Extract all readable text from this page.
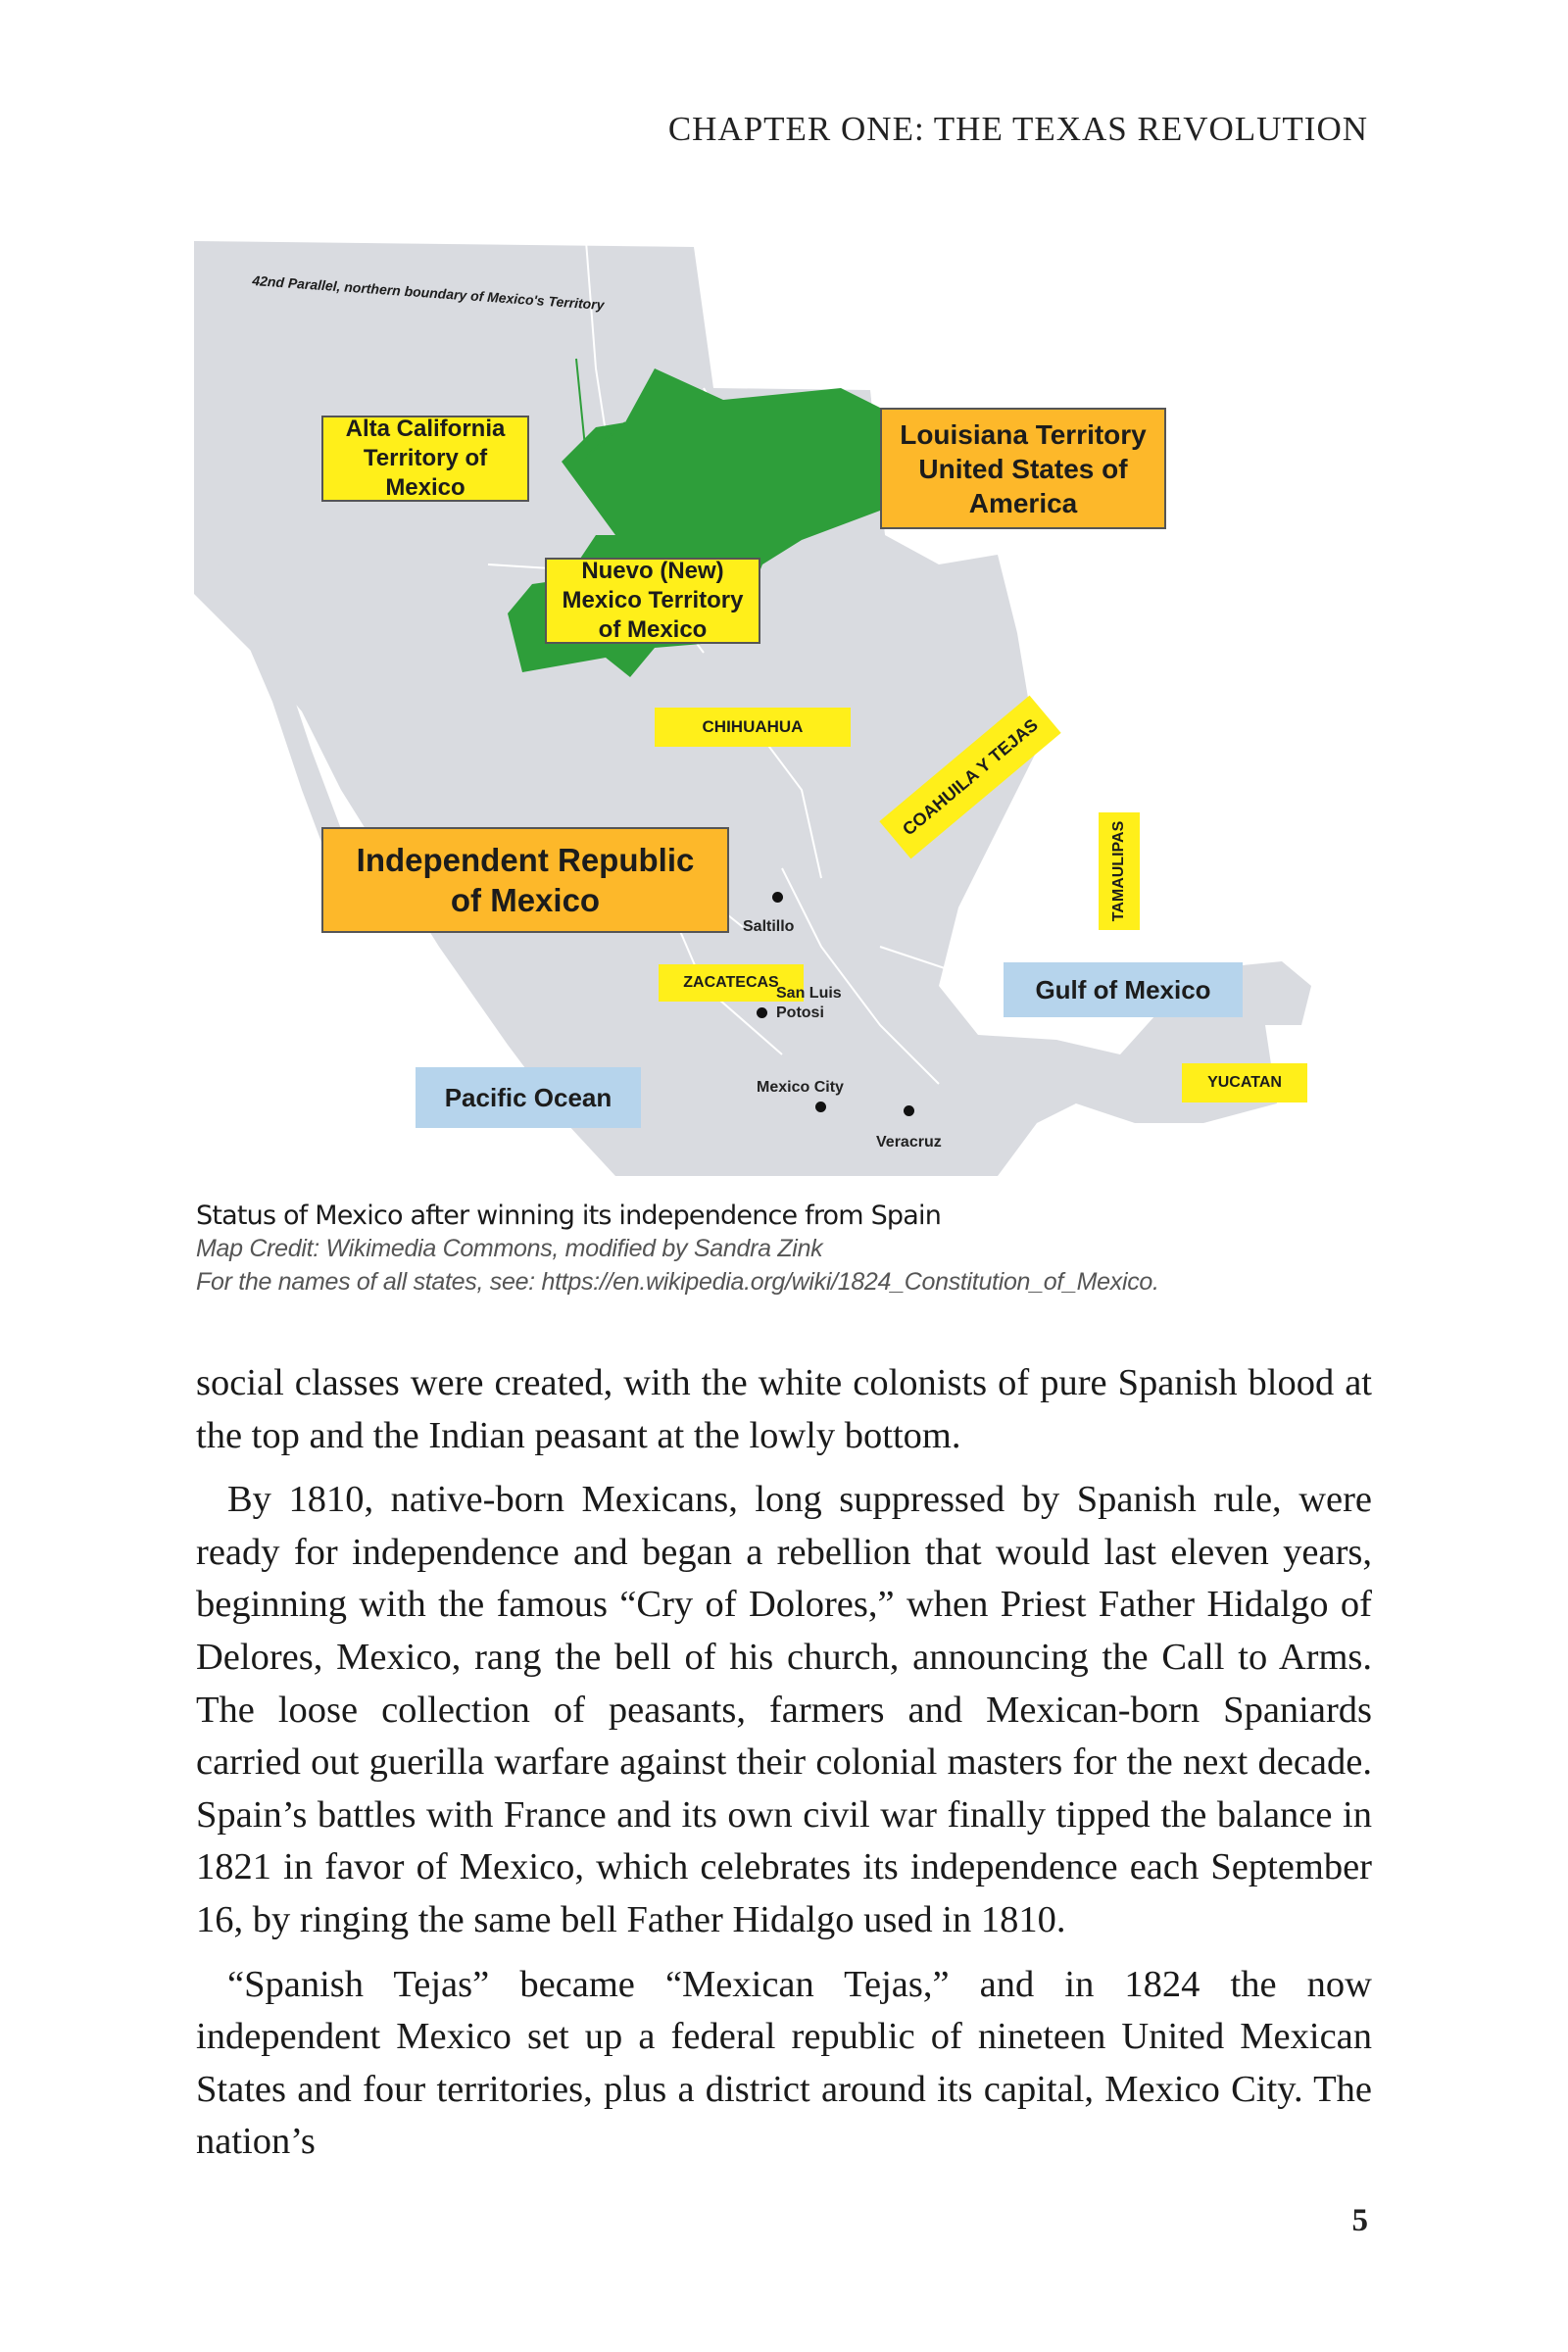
CHAPTER ONE: THE TEXAS REVOLUTION
42nd Parallel, northern boundary of Mexico's Territory
Alta California Territory of Mexico
Louisiana Territory United States of America
Nuevo (New) Mexico Territory of Mexico
CHIHUAHUA	COAHUILA Y TEJAS
Independent Republic of Mexico	TAMAULIPAS
ZACATECAS	Gulf of Mexico
Pacific Ocean
YUCATAN
Saltillo
San Luis Potosi
Mexico City
Veracruz

Status of Mexico after winning its independence from Spain

Map Credit: Wikimedia Commons, modified by Sandra Zink

For the names of all states, see: https://en.wikipedia.org/wiki/1824_Constitution_of_Mexico.

social classes were created, with the white colonists of pure Spanish blood at the top and the Indian peasant at the lowly bottom.

By 1810, native-born Mexicans, long suppressed by Spanish rule, were ready for independence and began a rebellion that would last eleven years, beginning with the famous “Cry of Dolores,” when Priest Father Hidalgo of Delores, Mexico, rang the bell of his church, announcing the Call to Arms. The loose collection of peasants, farmers and Mexican-born Spaniards carried out guerilla warfare against their colonial masters for the next decade. Spain’s battles with France and its own civil war finally tipped the balance in 1821 in favor of Mexico, which celebrates its independence each September 16, by ringing the same bell Father Hidalgo used in 1810.

“Spanish Tejas” became “Mexican Tejas,” and in 1824 the now independent Mexico set up a federal republic of nineteen United Mexican States and four territories, plus a district around its capital, Mexico City. The nation’s

5
